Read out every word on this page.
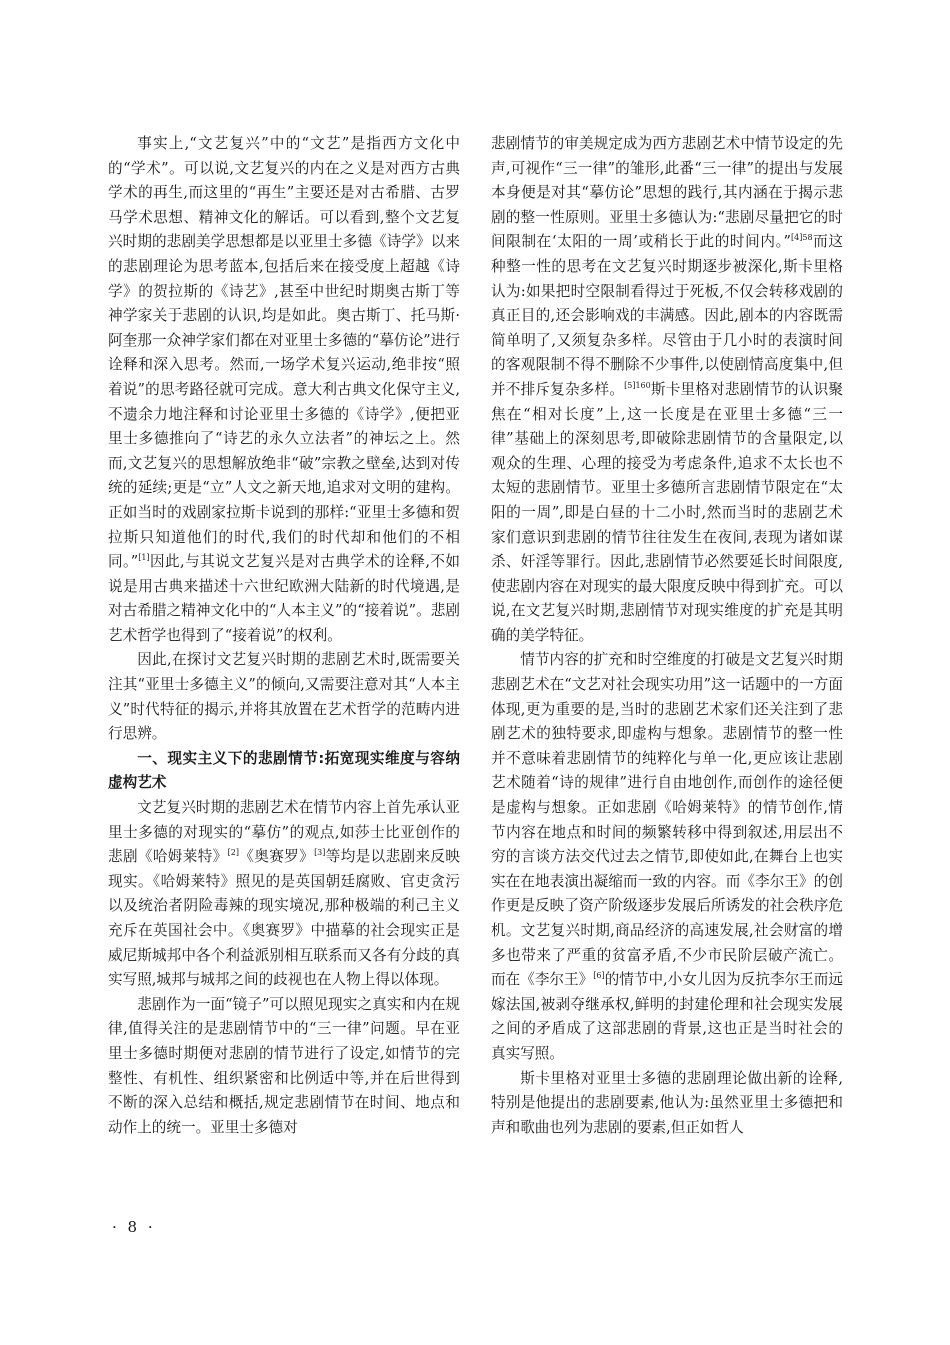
事实上,“文艺复兴”中的“文艺”是指西方文化中的“学术”。可以说,文艺复兴的内在之义是对西方古典学术的再生,而这里的“再生”主要还是对古希腊、古罗马学术思想、精神文化的解话。可以看到,整个文艺复兴时期的悲剧美学思想都是以亚里士多德《诗学》以来的悲剧理论为思考蓝本,包括后来在接受度上超越《诗学》的贺拉斯的《诗艺》,甚至中世纪时期奥古斯丁等神学家关于悲剧的认识,均是如此。奥古斯丁、托马斯·阿奎那一众神学家们都在对亚里士多德的“摹仿论”进行诠释和深入思考。然而,一场学术复兴运动,绝非按“照着说”的思考路径就可完成。意大利古典文化保守主义,不遗余力地注释和讨论亚里士多德的《诗学》,便把亚里士多德推向了“诗艺的永久立法者”的神坛之上。然而,文艺复兴的思想解放绝非“破”宗教之壁垒,达到对传统的延续;更是“立”人文之新天地,追求对文明的建构。正如当时的戏剧家拉斯卡说到的那样:“亚里士多德和贺拉斯只知道他们的时代,我们的时代却和他们的不相同。”[1]因此,与其说文艺复兴是对古典学术的诠释,不如说是用古典来描述十六世纪欧洲大陆新的时代境遇,是对古希腊之精神文化中的“人本主义”的“接着说”。悲剧艺术哲学也得到了“接着说”的权利。

因此,在探讨文艺复兴时期的悲剧艺术时,既需要关注其“亚里士多德主义”的倾向,又需要注意对其“人本主义”时代特征的揭示,并将其放置在艺术哲学的范畴内进行思辨。

一、现实主义下的悲剧情节:拓宽现实维度与容纳虚构艺术

文艺复兴时期的悲剧艺术在情节内容上首先承认亚里士多德的对现实的“摹仿”的观点,如莎士比亚创作的悲剧《哈姆莱特》[2]《奥赛罗》[3]等均是以悲剧来反映现实。《哈姆莱特》照见的是英国朝廷腐败、官吏贪污以及统治者阴险毒辣的现实境况,那种极端的利己主义充斥在英国社会中。《奥赛罗》中描摹的社会现实正是威尼斯城邦中各个利益派别相互联系而又各有分歧的真实写照,城邦与城邦之间的歧视也在人物上得以体现。

悲剧作为一面“镜子”可以照见现实之真实和内在规律,值得关注的是悲剧情节中的“三一律”问题。早在亚里士多德时期便对悲剧的情节进行了设定,如情节的完整性、有机性、组织紧密和比例适中等,并在后世得到不断的深入总结和概括,规定悲剧情节在时间、地点和动作上的统一。亚里士多德对

悲剧情节的审美规定成为西方悲剧艺术中情节设定的先声,可视作“三一律”的雏形,此番“三一律”的提出与发展本身便是对其“摹仿论”思想的践行,其内涵在于揭示悲剧的整一性原则。亚里士多德认为:“悲剧尽量把它的时间限制在‘太阳的一周’或稍长于此的时间内。”$^{[4]58}$而这种整一性的思考在文艺复兴时期逐步被深化,斯卡里格认为:如果把时空限制看得过于死板,不仅会转移戏剧的真正目的,还会影响戏的丰满感。因此,剧本的内容既需简单明了,又须复杂多样。尽管由于几小时的表演时间的客观限制不得不删除不少事件,以使剧情高度集中,但并不排斥复杂多样。$^{[5]160}$斯卡里格对悲剧情节的认识聚焦在“相对长度”上,这一长度是在亚里士多德“三一律”基础上的深刻思考,即破除悲剧情节的含量限定,以观众的生理、心理的接受为考虑条件,追求不太长也不太短的悲剧情节。亚里士多德所言悲剧情节限定在“太阳的一周”,即是白昼的十二小时,然而当时的悲剧艺术家们意识到悲剧的情节往往发生在夜间,表现为诸如谋杀、奸淫等罪行。因此,悲剧情节必然要延长时间限度,使悲剧内容在对现实的最大限度反映中得到扩充。可以说,在文艺复兴时期,悲剧情节对现实维度的扩充是其明确的美学特征。

情节内容的扩充和时空维度的打破是文艺复兴时期悲剧艺术在“文艺对社会现实功用”这一话题中的一方面体现,更为重要的是,当时的悲剧艺术家们还关注到了悲剧艺术的独特要求,即虚构与想象。悲剧情节的整一性并不意味着悲剧情节的纯粹化与单一化,更应该让悲剧艺术随着“诗的规律”进行自由地创作,而创作的途径便是虚构与想象。正如悲剧《哈姆莱特》的情节创作,情节内容在地点和时间的频繁转移中得到叙述,用层出不穷的言谈方法交代过去之情节,即使如此,在舞台上也实实在在地表演出凝缩而一致的内容。而《李尔王》的创作更是反映了资产阶级逐步发展后所诱发的社会秩序危机。文艺复兴时期,商品经济的高速发展,社会财富的增多也带来了严重的贫富矛盾,不少市民阶层破产流亡。而在《李尔王》[6]的情节中,小女儿因为反抗李尔王而远嫁法国,被剥夺继承权,鲜明的封建伦理和社会现实发展之间的矛盾成了这部悲剧的背景,这也正是当时社会的真实写照。

斯卡里格对亚里士多德的悲剧理论做出新的诠释,特别是他提出的悲剧要素,他认为:虽然亚里士多德把和声和歌曲也列为悲剧的要素,但正如哲人

· 8 ·
